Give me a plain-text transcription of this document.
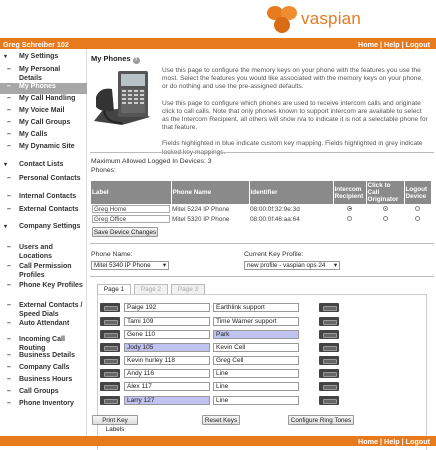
vaspian
Greg Schreiber 102	Home | Help | Logout
▾ My Settings
– My Personal Details
– My Phones
– My Call Handling
– My Voice Mail
– My Call Groups
– My Calls
– My Dynamic Site
▾ Contact Lists
– Personal Contacts
– Internal Contacts
– External Contacts
▾ Company Settings
– Users and Locations
– Call Permission Profiles
– Phone Key Profiles
– External Contacts / Speed Dials
– Auto Attendant
– Incoming Call Routing
– Business Details
– Company Calls
– Business Hours
– Call Groups
– Phone Inventory
My Phones ?

Use this page to configure the memory keys on your phone with the features you use the most. Select the features you would like associated with the memory keys on your phone, or do nothing and use the pre-assigned defaults.

Use this page to configure which phones are used to receive intercom calls and originate click to call calls. Note that only phones known to support intercom are available to select as the Intercom Recipient, all others will show n/a to indicate it is not a selectable phone for that feature.

Fields highlighted in blue indicate custom key mapping. Fields highlighted in grey indicate

Maximum Allowed Logged In Devices: 3
Phones:
Label	Phone Name	Identifier	Intercom Recipient	Click to Call Originator	Logout Device

Greg Home	Mitel 5224 IP Phone	08:00:0f:32:9e:3d			

Greg Office	Mitel 5320 IP Phone	08:00:0f:46:aa:64			
Save Device Changes
Phone Name:
Mitel 5340 IP Phone ▾
Current Key Profile:
new profile - vaspian ops 24 ▾
Page 1	Page 2	Page 3
Paige 192	Earthlink support
Tami 109	Time Warner support
Gene 110	Park
Jody 105	Kevin Cell
Kevin hurley 118	Greg Cell
Andy 116	Line
Alex 117	Line
Larry 127	Line
Print Key Labels
Reset Keys	Configure Ring Tones
Home | Help | Logout
